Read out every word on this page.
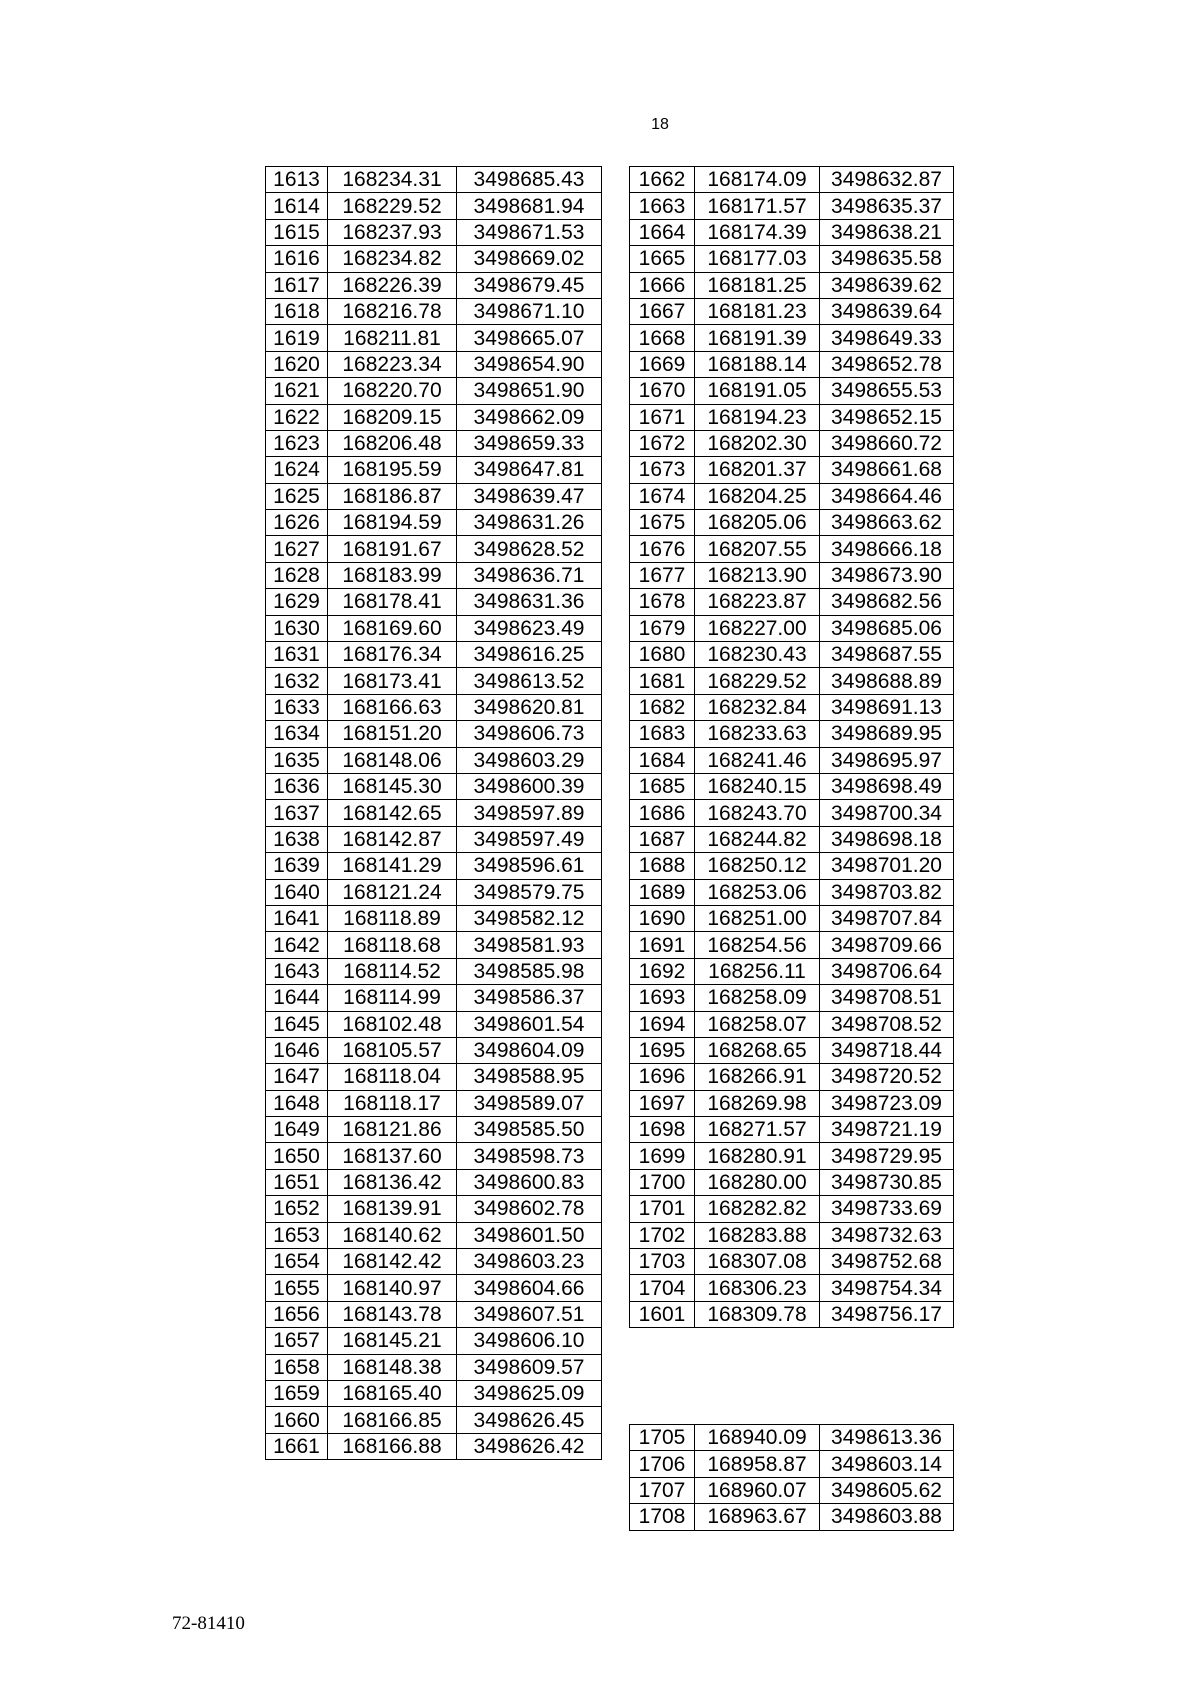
18
1613	168234.31	3498685.43
1614	168229.52	3498681.94
1615	168237.93	3498671.53
1616	168234.82	3498669.02
1617	168226.39	3498679.45
1618	168216.78	3498671.10
1619	168211.81	3498665.07
1620	168223.34	3498654.90
1621	168220.70	3498651.90
1622	168209.15	3498662.09
1623	168206.48	3498659.33
1624	168195.59	3498647.81
1625	168186.87	3498639.47
1626	168194.59	3498631.26
1627	168191.67	3498628.52
1628	168183.99	3498636.71
1629	168178.41	3498631.36
1630	168169.60	3498623.49
1631	168176.34	3498616.25
1632	168173.41	3498613.52
1633	168166.63	3498620.81
1634	168151.20	3498606.73
1635	168148.06	3498603.29
1636	168145.30	3498600.39
1637	168142.65	3498597.89
1638	168142.87	3498597.49
1639	168141.29	3498596.61
1640	168121.24	3498579.75
1641	168118.89	3498582.12
1642	168118.68	3498581.93
1643	168114.52	3498585.98
1644	168114.99	3498586.37
1645	168102.48	3498601.54
1646	168105.57	3498604.09
1647	168118.04	3498588.95
1648	168118.17	3498589.07
1649	168121.86	3498585.50
1650	168137.60	3498598.73
1651	168136.42	3498600.83
1652	168139.91	3498602.78
1653	168140.62	3498601.50
1654	168142.42	3498603.23
1655	168140.97	3498604.66
1656	168143.78	3498607.51
1657	168145.21	3498606.10
1658	168148.38	3498609.57
1659	168165.40	3498625.09
1660	168166.85	3498626.45
1661	168166.88	3498626.42
1662	168174.09	3498632.87
1663	168171.57	3498635.37
1664	168174.39	3498638.21
1665	168177.03	3498635.58
1666	168181.25	3498639.62
1667	168181.23	3498639.64
1668	168191.39	3498649.33
1669	168188.14	3498652.78
1670	168191.05	3498655.53
1671	168194.23	3498652.15
1672	168202.30	3498660.72
1673	168201.37	3498661.68
1674	168204.25	3498664.46
1675	168205.06	3498663.62
1676	168207.55	3498666.18
1677	168213.90	3498673.90
1678	168223.87	3498682.56
1679	168227.00	3498685.06
1680	168230.43	3498687.55
1681	168229.52	3498688.89
1682	168232.84	3498691.13
1683	168233.63	3498689.95
1684	168241.46	3498695.97
1685	168240.15	3498698.49
1686	168243.70	3498700.34
1687	168244.82	3498698.18
1688	168250.12	3498701.20
1689	168253.06	3498703.82
1690	168251.00	3498707.84
1691	168254.56	3498709.66
1692	168256.11	3498706.64
1693	168258.09	3498708.51
1694	168258.07	3498708.52
1695	168268.65	3498718.44
1696	168266.91	3498720.52
1697	168269.98	3498723.09
1698	168271.57	3498721.19
1699	168280.91	3498729.95
1700	168280.00	3498730.85
1701	168282.82	3498733.69
1702	168283.88	3498732.63
1703	168307.08	3498752.68
1704	168306.23	3498754.34
1601	168309.78	3498756.17
1705	168940.09	3498613.36
1706	168958.87	3498603.14
1707	168960.07	3498605.62
1708	168963.67	3498603.88
72-81410
